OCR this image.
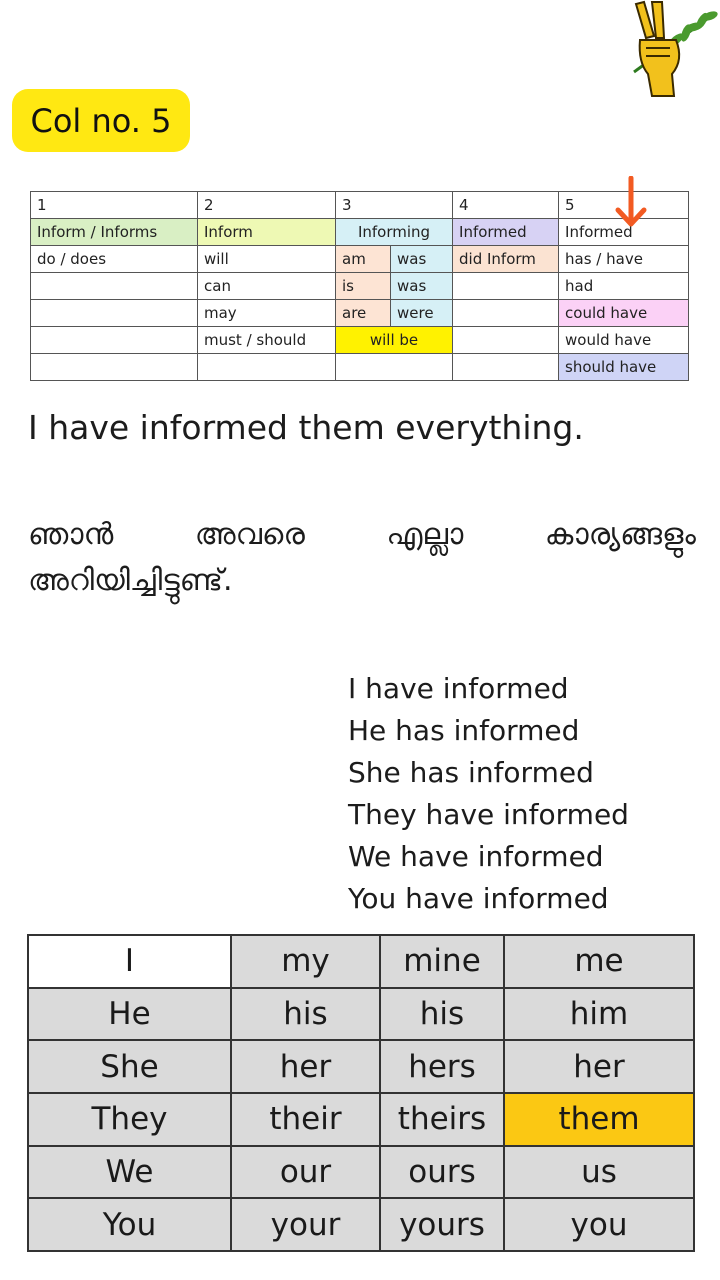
Col no. 5
1	2	3		4	5
Inform / Informs	Inform	Informing		Informed	Informed
do / does	will	am	was	did Inform	has / have
	can	is	was		had
	may	are	were		could have
	must / should	will be			would have
					should have
I have informed them everything.
ഞാൻ	അവരെ	എല്ലാ	കാര്യങ്ങളും
അറിയിച്ചിട്ടുണ്ട്.
I have informed
He has informed
She has informed
They have informed
We have informed
You have informed
I	my	mine	me
He	his	his	him
She	her	hers	her
They	their	theirs	them
We	our	ours	us
You	your	yours	you
